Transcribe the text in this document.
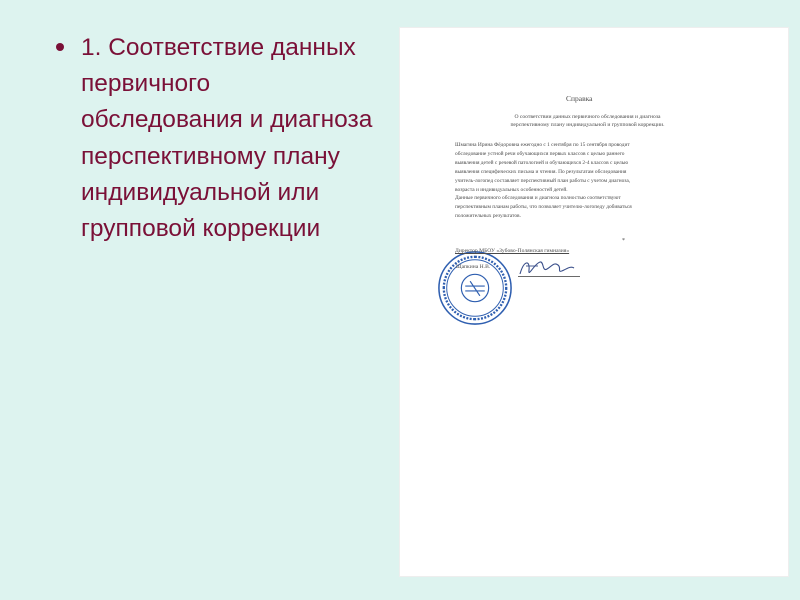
1. Соответствие данных первичного обследования и диагноза перспективному плану индивидуальной или групповой коррекции

Справка
О соответствии данных первичного обследования и диагноза
перспективному плану индивидуальной и групповой коррекции.
Шмагина Ирина Фёдоровна ежегодно с 1 сентября по 15 сентября проводит
обследование устной речи обучающихся первых классов с целью раннего
выявления детей с речевой патологией и обучающихся 2-4 классов с целью
выявления специфических письма и чтения. По результатам обследования
учитель-логопед составляет перспективный план работы с учетом диагноза,
возраста и индивидуальных особенностей детей.
Данные первичного обследования и диагноза полностью соответствуют
перспективным планам работы, что позволяет учителю-логопеду добиваться
положительных результатов.
*
Директор МБОУ «Зубово-Полянская гимназия»
Щапкина Н.В.
